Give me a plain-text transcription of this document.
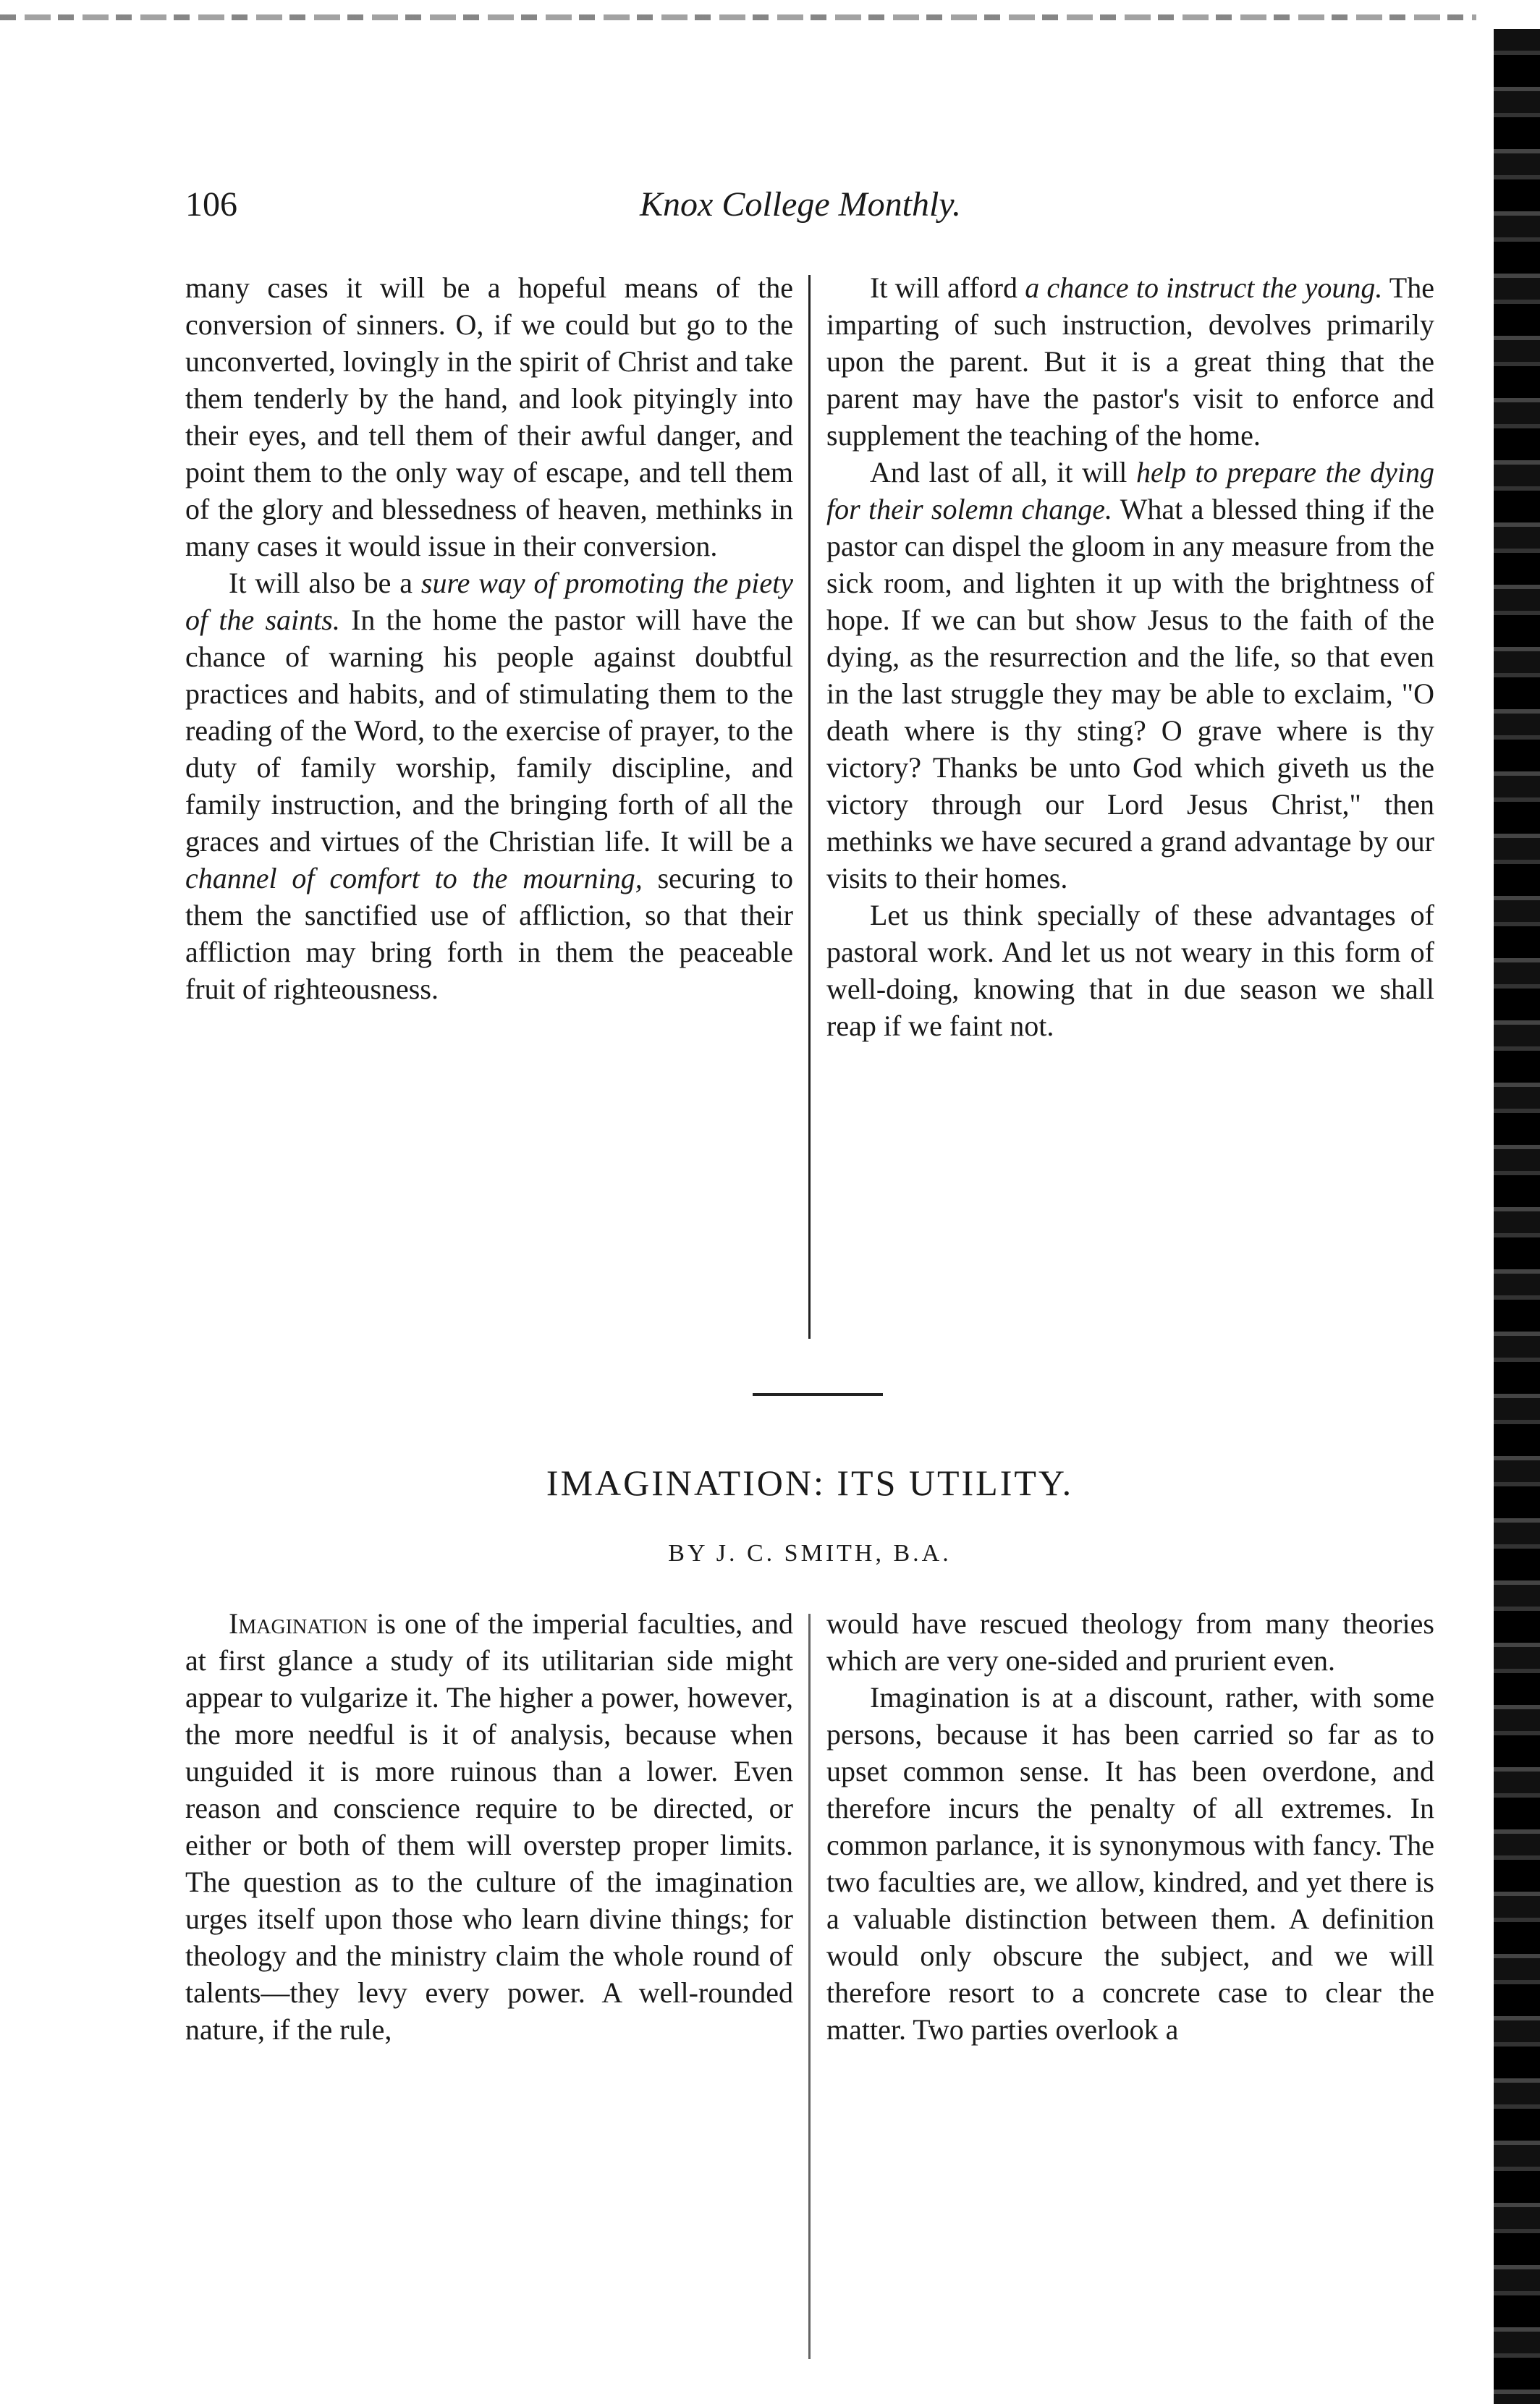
106	Knox College Monthly.

many cases it will be a hopeful means of the conversion of sinners. O, if we could but go to the unconverted, lovingly in the spirit of Christ and take them tenderly by the hand, and look pityingly into their eyes, and tell them of their awful danger, and point them to the only way of escape, and tell them of the glory and blessedness of heaven, methinks in many cases it would issue in their conversion.

It will also be a sure way of promoting the piety of the saints. In the home the pastor will have the chance of warning his people against doubtful practices and habits, and of stimulating them to the reading of the Word, to the exercise of prayer, to the duty of family worship, family discipline, and family instruction, and the bringing forth of all the graces and virtues of the Christian life. It will be a channel of comfort to the mourning, securing to them the sanctified use of affliction, so that their affliction may bring forth in them the peaceable fruit of righteousness.

It will afford a chance to instruct the young. The imparting of such instruction, devolves primarily upon the parent. But it is a great thing that the parent may have the pastor's visit to enforce and supplement the teaching of the home.

And last of all, it will help to prepare the dying for their solemn change. What a blessed thing if the pastor can dispel the gloom in any measure from the sick room, and lighten it up with the brightness of hope. If we can but show Jesus to the faith of the dying, as the resurrection and the life, so that even in the last struggle they may be able to exclaim, "O death where is thy sting? O grave where is thy victory? Thanks be unto God which giveth us the victory through our Lord Jesus Christ," then methinks we have secured a grand advantage by our visits to their homes.

Let us think specially of these advantages of pastoral work. And let us not weary in this form of well-doing, knowing that in due season we shall reap if we faint not.

IMAGINATION: ITS UTILITY.
BY J. C. SMITH, B.A.

Imagination is one of the imperial faculties, and at first glance a study of its utilitarian side might appear to vulgarize it. The higher a power, however, the more needful is it of analysis, because when unguided it is more ruinous than a lower. Even reason and conscience require to be directed, or either or both of them will overstep proper limits. The question as to the culture of the imagination urges itself upon those who learn divine things; for theology and the ministry claim the whole round of talents—they levy every power. A well-rounded nature, if the rule,

would have rescued theology from many theories which are very one-sided and prurient even.

Imagination is at a discount, rather, with some persons, because it has been carried so far as to upset common sense. It has been overdone, and therefore incurs the penalty of all extremes. In common parlance, it is synonymous with fancy. The two faculties are, we allow, kindred, and yet there is a valuable distinction between them. A definition would only obscure the subject, and we will therefore resort to a concrete case to clear the matter. Two parties overlook a
